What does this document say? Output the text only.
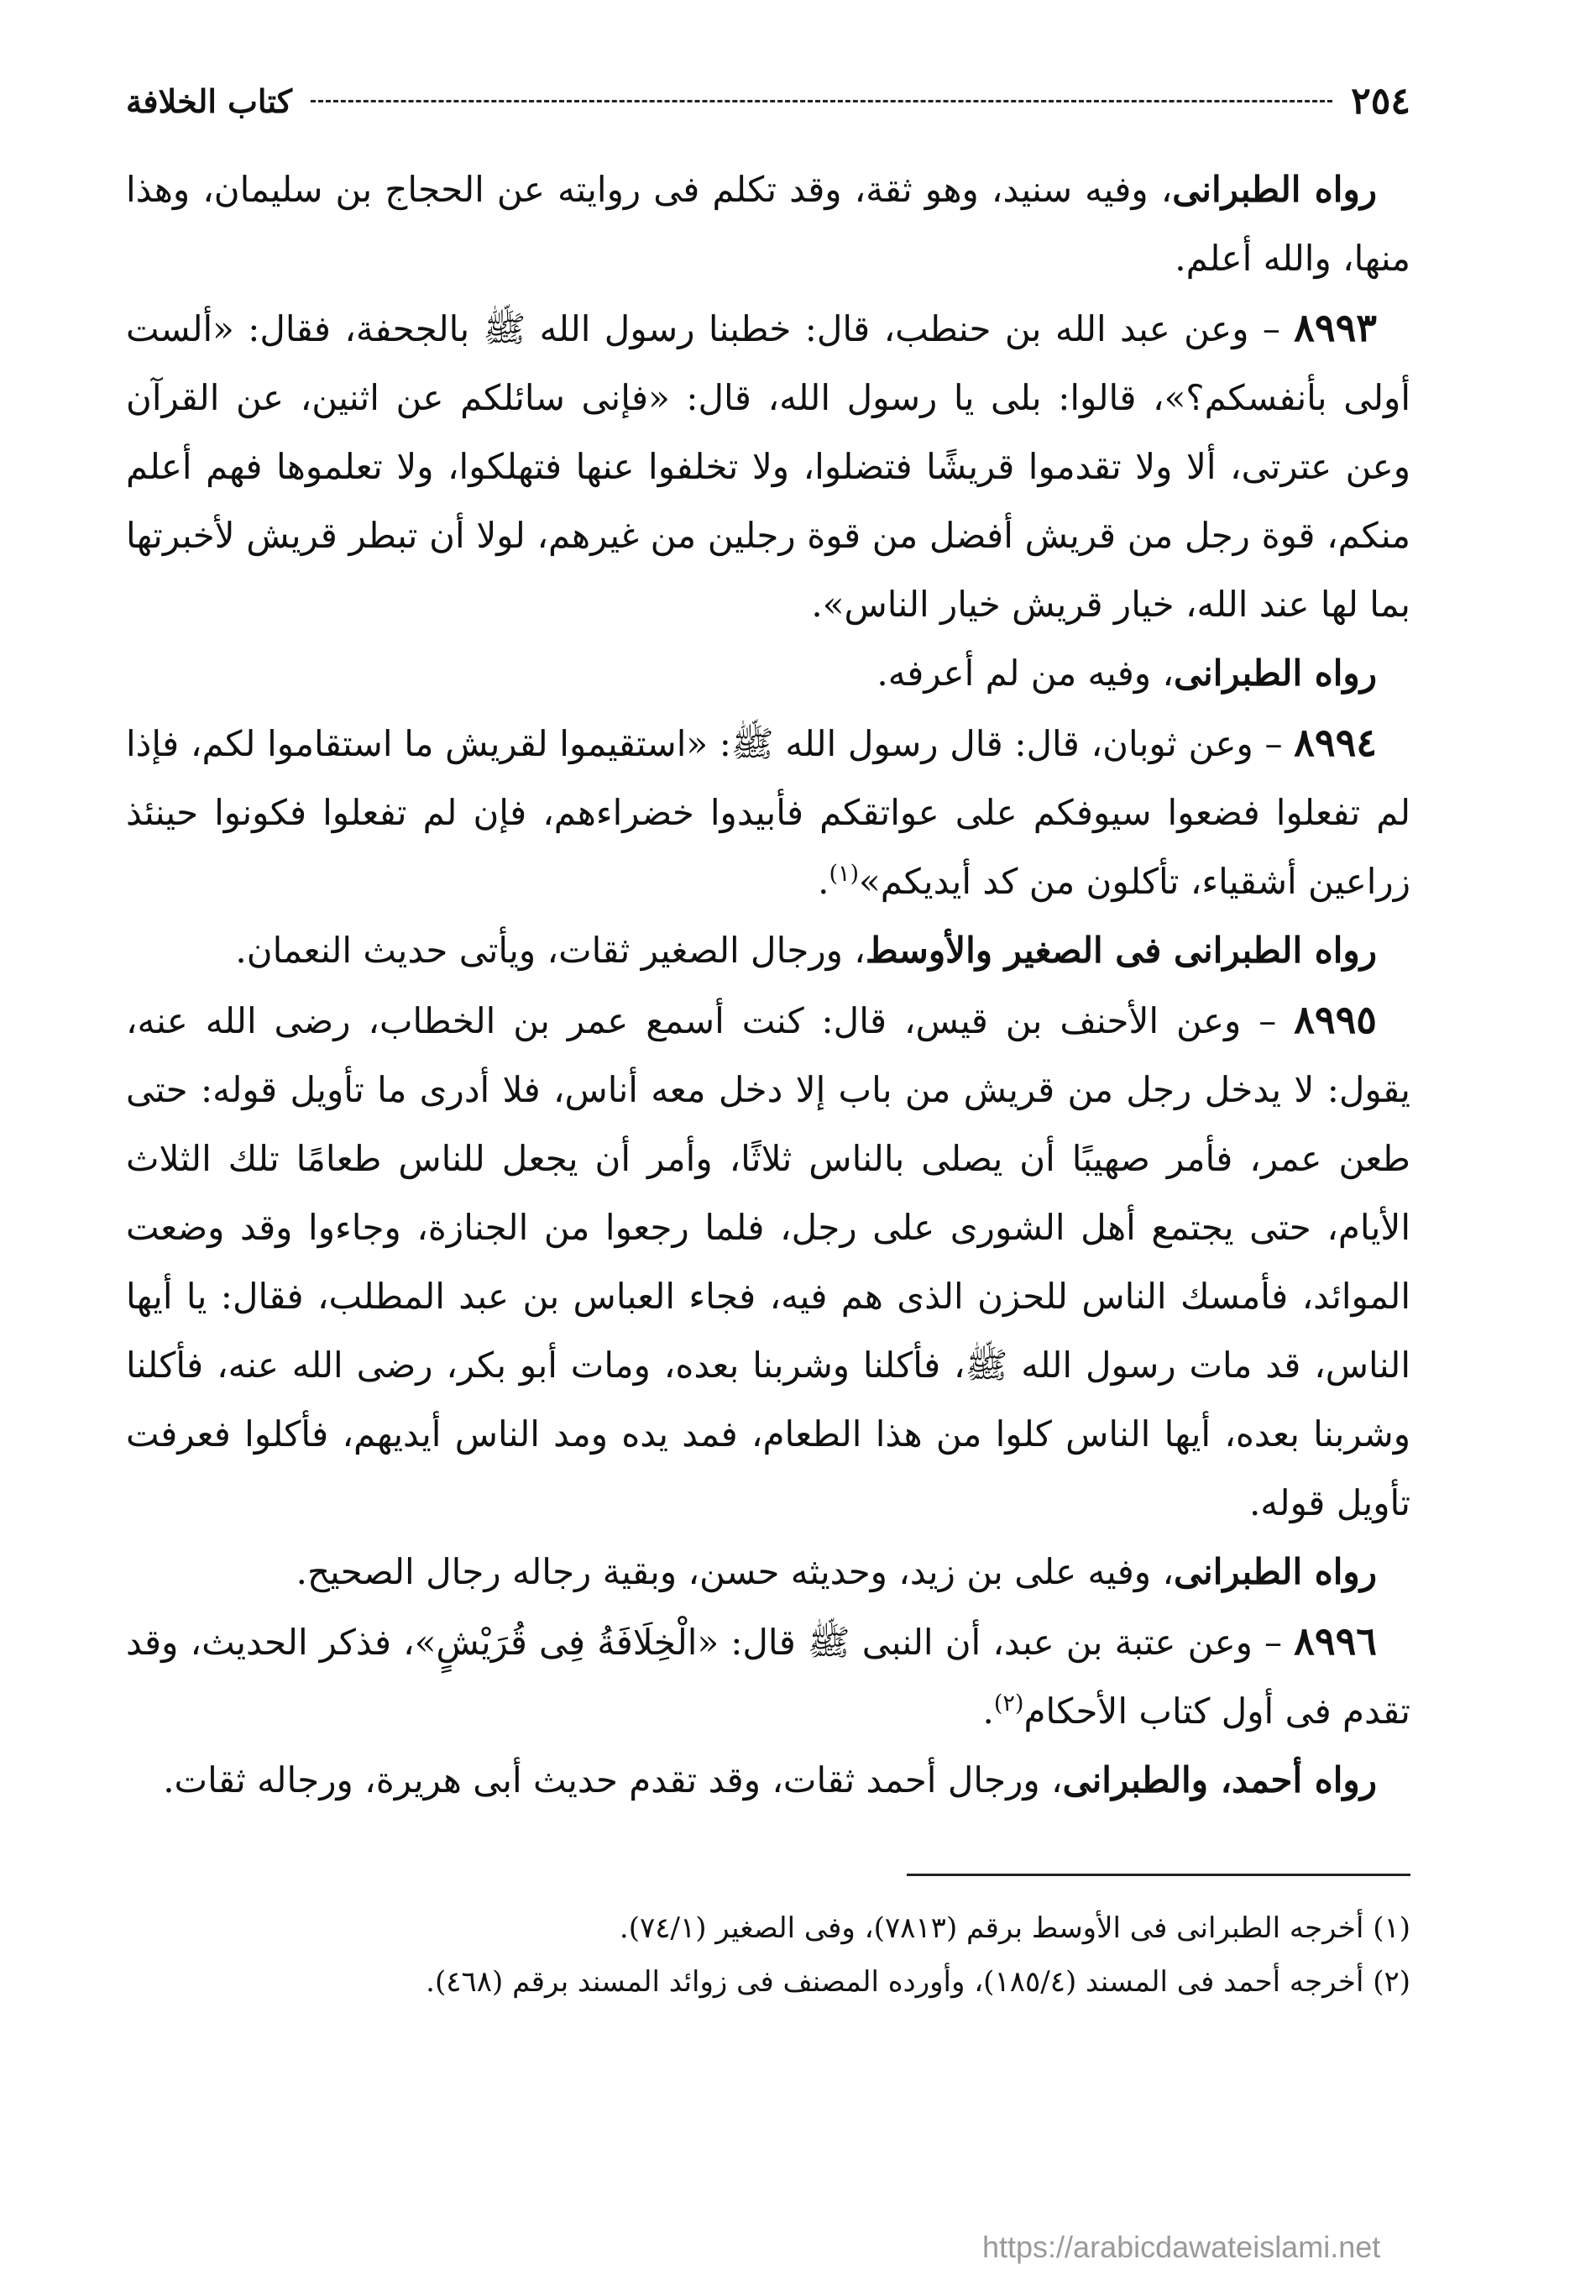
٢٥٤
كتاب الخلافة

رواه الطبرانى، وفيه سنيد، وهو ثقة، وقد تكلم فى روايته عن الحجاج بن سليمان، وهذا منها، والله أعلم.

٨٩٩٣ – وعن عبد الله بن حنطب، قال: خطبنا رسول الله ﷺ بالجحفة، فقال: «ألست أولى بأنفسكم؟»، قالوا: بلى يا رسول الله، قال: «فإنى سائلكم عن اثنين، عن القرآن وعن عترتى، ألا ولا تقدموا قريشًا فتضلوا، ولا تخلفوا عنها فتهلكوا، ولا تعلموها فهم أعلم منكم، قوة رجل من قريش أفضل من قوة رجلين من غيرهم، لولا أن تبطر قريش لأخبرتها بما لها عند الله، خيار قريش خيار الناس».

رواه الطبرانى، وفيه من لم أعرفه.

٨٩٩٤ – وعن ثوبان، قال: قال رسول الله ﷺ: «استقيموا لقريش ما استقاموا لكم، فإذا لم تفعلوا فضعوا سيوفكم على عواتقكم فأبيدوا خضراءهم، فإن لم تفعلوا فكونوا حينئذ زراعين أشقياء، تأكلون من كد أيديكم»$^{(١)}$.

رواه الطبرانى فى الصغير والأوسط، ورجال الصغير ثقات، ويأتى حديث النعمان.

٨٩٩٥ – وعن الأحنف بن قيس، قال: كنت أسمع عمر بن الخطاب، رضى الله عنه، يقول: لا يدخل رجل من قريش من باب إلا دخل معه أناس، فلا أدرى ما تأويل قوله: حتى طعن عمر، فأمر صهيبًا أن يصلى بالناس ثلاثًا، وأمر أن يجعل للناس طعامًا تلك الثلاث الأيام، حتى يجتمع أهل الشورى على رجل، فلما رجعوا من الجنازة، وجاءوا وقد وضعت الموائد، فأمسك الناس للحزن الذى هم فيه، فجاء العباس بن عبد المطلب، فقال: يا أيها الناس، قد مات رسول الله ﷺ، فأكلنا وشربنا بعده، ومات أبو بكر، رضى الله عنه، فأكلنا وشربنا بعده، أيها الناس كلوا من هذا الطعام، فمد يده ومد الناس أيديهم، فأكلوا فعرفت تأويل قوله.

رواه الطبرانى، وفيه على بن زيد، وحديثه حسن، وبقية رجاله رجال الصحيح.

٨٩٩٦ – وعن عتبة بن عبد، أن النبى ﷺ قال: «الْخِلَافَةُ فِى قُرَيْشٍ»، فذكر الحديث، وقد تقدم فى أول كتاب الأحكام$^{(٢)}$.

رواه أحمد، والطبرانى، ورجال أحمد ثقات، وقد تقدم حديث أبى هريرة، ورجاله ثقات.

(١) أخرجه الطبرانى فى الأوسط برقم (٧٨١٣)، وفى الصغير (٧٤/١).
(٢) أخرجه أحمد فى المسند (١٨٥/٤)، وأورده المصنف فى زوائد المسند برقم (٤٦٨).
https://arabicdawateislami.net
